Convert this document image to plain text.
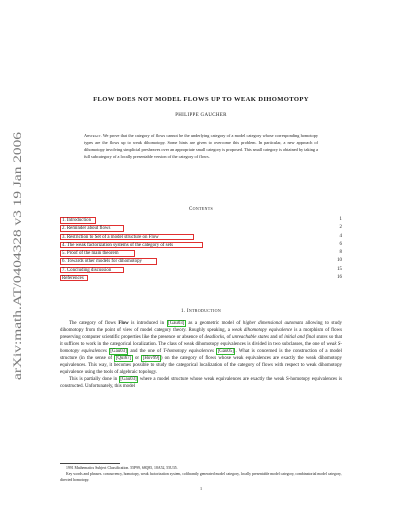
arXiv:math.AT/0404328 v3 19 Jan 2006
FLOW DOES NOT MODEL FLOWS UP TO WEAK DIHOMOTOPY
PHILIPPE GAUCHER
Abstract. We prove that the category of flows cannot be the underlying category of a model category whose corresponding homotopy types are the flows up to weak dihomotopy. Some hints are given to overcome this problem. In particular, a new approach of dihomotopy involving simplicial presheaves over an appropriate small category is proposed. This small category is obtained by taking a full subcategory of a locally presentable version of the category of flows.
Contents
1. Introduction	1
2. Reminder about flows	2
3. Restriction to Set of a model structure on Flow	4
4. The weak factorization systems of the category of sets	6
5. Proof of the main theorem	8
6. Towards other models for dihomotopy	10
7. Concluding discussion	15
References	16
1. Introduction

The category of flows Flow is introduced in [Gau03] as a geometric model of higher dimensional automata allowing to study dihomotopy from the point of view of model category theory. Roughly speaking, a weak dihomotopy equivalence is a morphism of flows preserving computer scientific properties like the presence or absence of deadlocks, of unreachable states and of initial and final states so that it suffices to work in the categorical localization. The class of weak dihomotopy equivalences is divided in two subclasses, the one of weak S-homotopy equivalences [Gau03] and the one of T-homotopy equivalences [Gau05] . What is concerned is the construction of a model structure (in the sense of [Qui67] or [Hov99] ) on the category of flows whose weak equivalences are exactly the weak dihomotopy equivalences. This way, it becomes possible to study the categorical localization of the category of flows with respect to weak dihomotopy equivalence using the tools of algebraic topology.

This is partially done in [Gau03] where a model structure whose weak equivalences are exactly the weak S-homotopy equivalences is constructed. Unfortunately, this model

1991 Mathematics Subject Classification. 55P99, 68Q85, 18A52, 55U35.

Key words and phrases. concurrency, homotopy, weak factorization system, cofibrantly generated model category, locally presentable model category, combinatorial model category, directed homotopy.

1
